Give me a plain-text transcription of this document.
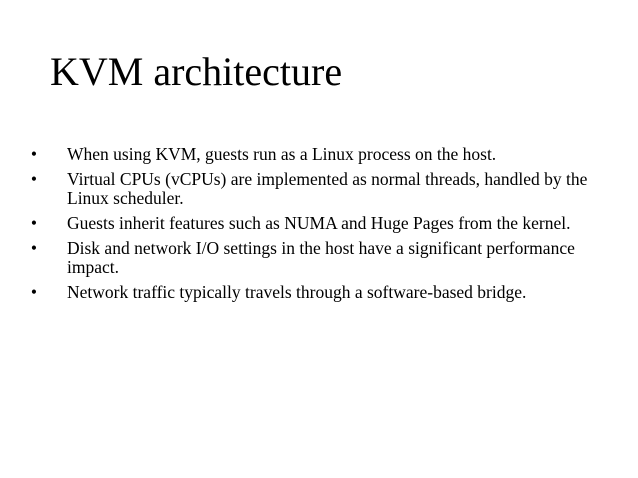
KVM architecture
• When using KVM, guests run as a Linux process on the host.
• Virtual CPUs (vCPUs) are implemented as normal threads, handled by the Linux scheduler.
• Guests inherit features such as NUMA and Huge Pages from the kernel.
• Disk and network I/O settings in the host have a significant performance impact.
• Network traffic typically travels through a software-based bridge.
